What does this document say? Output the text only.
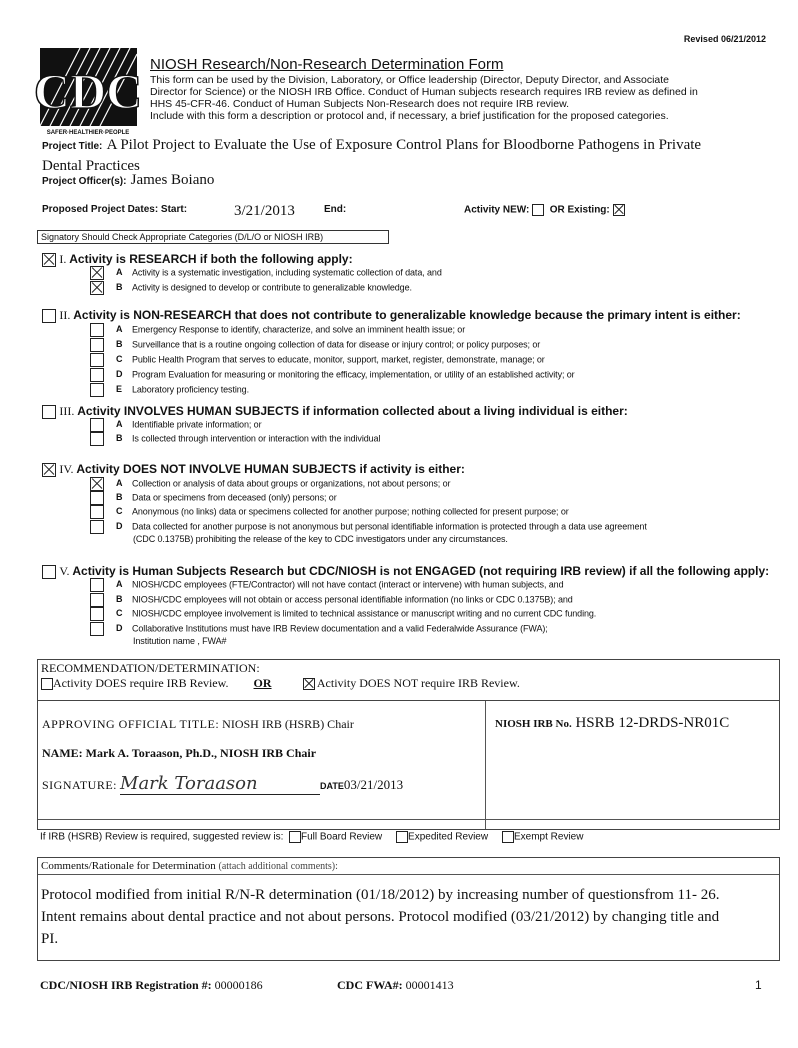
Revised 06/21/2012
CDC
SAFER·HEALTHIER·PEOPLE
NIOSH Research/Non-Research Determination Form
This form can be used by the Division, Laboratory, or Office leadership (Director, Deputy Director, and Associate
Director for Science) or the NIOSH IRB Office. Conduct of Human subjects research requires IRB review as defined in
HHS 45-CFR-46. Conduct of Human Subjects Non-Research does not require IRB review.
Include with this form a description or protocol and, if necessary, a brief justification for the proposed categories.
Project Title: A Pilot Project to Evaluate the Use of Exposure Control Plans for Bloodborne Pathogens in Private
Dental Practices
Project Officer(s): James Boiano
Proposed Project Dates: Start:	3/21/2013	End:	Activity NEW: OR Existing:
Signatory Should Check Appropriate Categories (D/L/O or NIOSH IRB)
I. Activity is RESEARCH if both the following apply:
A Activity is a systematic investigation, including systematic collection of data, and
B Activity is designed to develop or contribute to generalizable knowledge.
II. Activity is NON-RESEARCH that does not contribute to generalizable knowledge because the primary intent is either:
A Emergency Response to identify, characterize, and solve an imminent health issue; or
B Surveillance that is a routine ongoing collection of data for disease or injury control; or policy purposes; or
C Public Health Program that serves to educate, monitor, support, market, register, demonstrate, manage; or
D Program Evaluation for measuring or monitoring the efficacy, implementation, or utility of an established activity; or
E Laboratory proficiency testing.
III. Activity INVOLVES HUMAN SUBJECTS if information collected about a living individual is either:
A Identifiable private information; or
B Is collected through intervention or interaction with the individual
IV. Activity DOES NOT INVOLVE HUMAN SUBJECTS if activity is either:
A Collection or analysis of data about groups or organizations, not about persons; or
B Data or specimens from deceased (only) persons; or
C Anonymous (no links) data or specimens collected for another purpose; nothing collected for present purpose; or
D Data collected for another purpose is not anonymous but personal identifiable information is protected through a data use agreement
(CDC 0.1375B) prohibiting the release of the key to CDC investigators under any circumstances.
V. Activity is Human Subjects Research but CDC/NIOSH is not ENGAGED (not requiring IRB review) if all the following apply:
A NIOSH/CDC employees (FTE/Contractor) will not have contact (interact or intervene) with human subjects, and
B NIOSH/CDC employees will not obtain or access personal identifiable information (no links or CDC 0.1375B); and
C NIOSH/CDC employee involvement is limited to technical assistance or manuscript writing and no current CDC funding.
D Collaborative Institutions must have IRB Review documentation and a valid Federalwide Assurance (FWA);
Institution name , FWA#
RECOMMENDATION/DETERMINATION:
Activity DOES require IRB Review. OR	Activity DOES NOT require IRB Review.
APPROVING OFFICIAL TITLE: NIOSH IRB (HSRB) Chair
NAME: Mark A. Toraason, Ph.D., NIOSH IRB Chair
SIGNATURE: Mark Toraason	DATE03/21/2013
NIOSH IRB No. HSRB 12-DRDS-NR01C
If IRB (HSRB) Review is required, suggested review is: Full Board Review	Expedited Review	Exempt Review
Comments/Rationale for Determination (attach additional comments):
Protocol modified from initial R/N-R determination (01/18/2012) by increasing number of questionsfrom 11- 26.
Intent remains about dental practice and not about persons. Protocol modified (03/21/2012) by changing title and
PI.
CDC/NIOSH IRB Registration #: 00000186	CDC FWA#: 00001413	1
